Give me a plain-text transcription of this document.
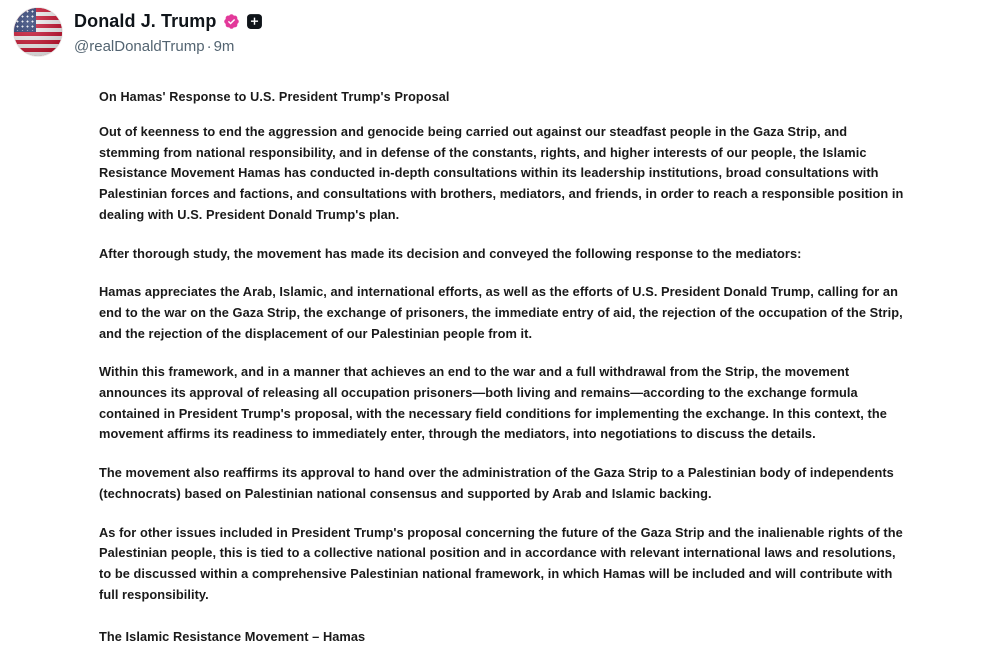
Donald J. Trump
@realDonaldTrump · 9m
On Hamas' Response to U.S. President Trump's Proposal

Out of keenness to end the aggression and genocide being carried out against our steadfast people in the Gaza Strip, and stemming from national responsibility, and in defense of the constants, rights, and higher interests of our people, the Islamic Resistance Movement Hamas has conducted in-depth consultations within its leadership institutions, broad consultations with Palestinian forces and factions, and consultations with brothers, mediators, and friends, in order to reach a responsible position in dealing with U.S. President Donald Trump's plan.

After thorough study, the movement has made its decision and conveyed the following response to the mediators:

Hamas appreciates the Arab, Islamic, and international efforts, as well as the efforts of U.S. President Donald Trump, calling for an end to the war on the Gaza Strip, the exchange of prisoners, the immediate entry of aid, the rejection of the occupation of the Strip, and the rejection of the displacement of our Palestinian people from it.

Within this framework, and in a manner that achieves an end to the war and a full withdrawal from the Strip, the movement announces its approval of releasing all occupation prisoners—both living and remains—according to the exchange formula contained in President Trump's proposal, with the necessary field conditions for implementing the exchange. In this context, the movement affirms its readiness to immediately enter, through the mediators, into negotiations to discuss the details.

The movement also reaffirms its approval to hand over the administration of the Gaza Strip to a Palestinian body of independents (technocrats) based on Palestinian national consensus and supported by Arab and Islamic backing.

As for other issues included in President Trump's proposal concerning the future of the Gaza Strip and the inalienable rights of the Palestinian people, this is tied to a collective national position and in accordance with relevant international laws and resolutions, to be discussed within a comprehensive Palestinian national framework, in which Hamas will be included and will contribute with full responsibility.

The Islamic Resistance Movement – Hamas
